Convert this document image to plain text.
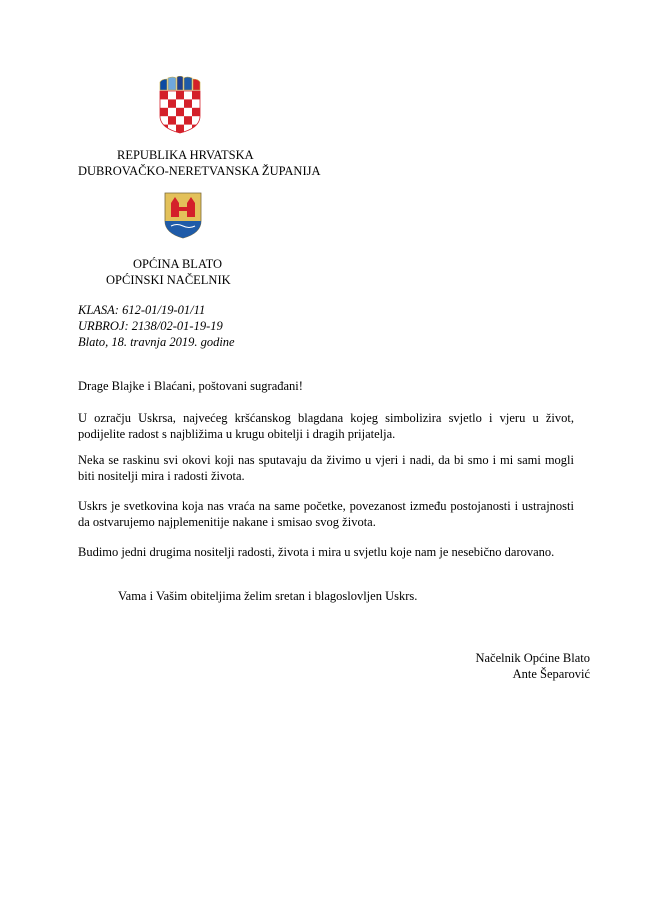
REPUBLIKA HRVATSKA
DUBROVAČKO-NERETVANSKA ŽUPANIJA
OPĆINA BLATO
OPĆINSKI NAČELNIK
KLASA: 612-01/19-01/11
URBROJ: 2138/02-01-19-19
Blato, 18. travnja 2019. godine
Drage Blajke i Blaćani, poštovani sugrađani!
U ozračju Uskrsa, najvećeg kršćanskog blagdana kojeg simbolizira svjetlo i vjeru u život, podijelite radost s najbližima u krugu obitelji i dragih prijatelja.
Neka se raskinu svi okovi koji nas sputavaju da živimo u vjeri i nadi, da bi smo i mi sami mogli biti nositelji mira i radosti života.
Uskrs je svetkovina koja nas vraća na same početke, povezanost između postojanosti i ustrajnosti da ostvarujemo najplemenitije nakane i smisao svog života.
Budimo jedni drugima nositelji radosti, života i mira u svjetlu koje nam je nesebično darovano.
Vama i Vašim obiteljima želim sretan i blagoslovljen Uskrs.
Načelnik Općine Blato
Ante Šeparović
